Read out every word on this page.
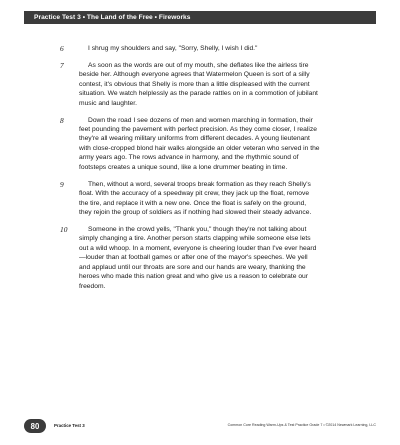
Practice Test 3 • The Land of the Free • Fireworks
6	I shrug my shoulders and say, "Sorry, Shelly, I wish I did."

7	As soon as the words are out of my mouth, she deflates like the airless tire beside her. Although everyone agrees that Watermelon Queen is sort of a silly contest, it's obvious that Shelly is more than a little displeased with the current situation. We watch helplessly as the parade rattles on in a commotion of jubilant music and laughter.

8	Down the road I see dozens of men and women marching in formation, their feet pounding the pavement with perfect precision. As they come closer, I realize they're all wearing military uniforms from different decades. A young lieutenant with close-cropped blond hair walks alongside an older veteran who served in the army years ago. The rows advance in harmony, and the rhythmic sound of footsteps creates a unique sound, like a lone drummer beating in time.

9	Then, without a word, several troops break formation as they reach Shelly's float. With the accuracy of a speedway pit crew, they jack up the float, remove the tire, and replace it with a new one. Once the float is safely on the ground, they rejoin the group of soldiers as if nothing had slowed their steady advance.

10	Someone in the crowd yells, "Thank you," though they're not talking about simply changing a tire. Another person starts clapping while someone else lets out a wild whoop. In a moment, everyone is cheering louder than I've ever heard—louder than at football games or after one of the mayor's speeches. We yell and applaud until our throats are sore and our hands are weary, thanking the heroes who made this nation great and who give us a reason to celebrate our freedom.

80	Practice Test 3	Common Core Reading Warm-Ups & Test Practice Grade 7 • ©2014 Newmark Learning, LLC
